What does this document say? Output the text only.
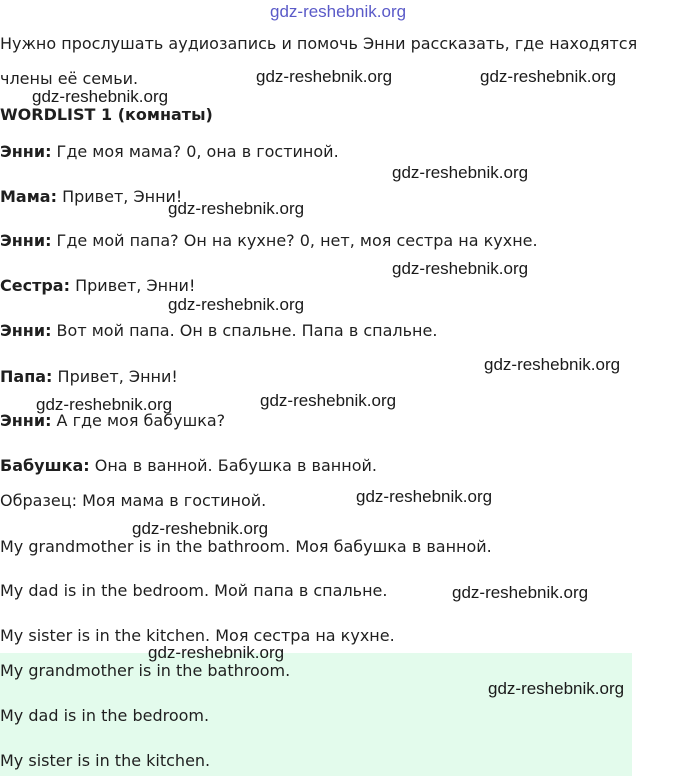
Нужно прослушать аудиозапись и помочь Энни рассказать, где находятся
члены её семьи.
WORDLIST 1 (комнаты)
Энни: Где моя мама? 0, она в гостиной.
Мама: Привет, Энни!
Энни: Где мой папа? Он на кухне? 0, нет, моя сестра на кухне.
Сестра: Привет, Энни!
Энни: Вот мой папа. Он в спальне. Папа в спальне.
Папа: Привет, Энни!
Энни: А где моя бабушка?
Бабушка: Она в ванной. Бабушка в ванной.
Образец: Моя мама в гостиной.
My grandmother is in the bathroom. Моя бабушка в ванной.
My dad is in the bedroom. Мой папа в спальне.
My sister is in the kitchen. Моя сестра на кухне.
My grandmother is in the bathroom.
My dad is in the bedroom.
My sister is in the kitchen.
gdz-reshebnik.org
gdz-reshebnik.org	gdz-reshebnik.org
gdz-reshebnik.org
gdz-reshebnik.org
gdz-reshebnik.org
gdz-reshebnik.org
gdz-reshebnik.org
gdz-reshebnik.org
gdz-reshebnik.org	gdz-reshebnik.org
gdz-reshebnik.org
gdz-reshebnik.org
gdz-reshebnik.org
gdz-reshebnik.org
gdz-reshebnik.org
